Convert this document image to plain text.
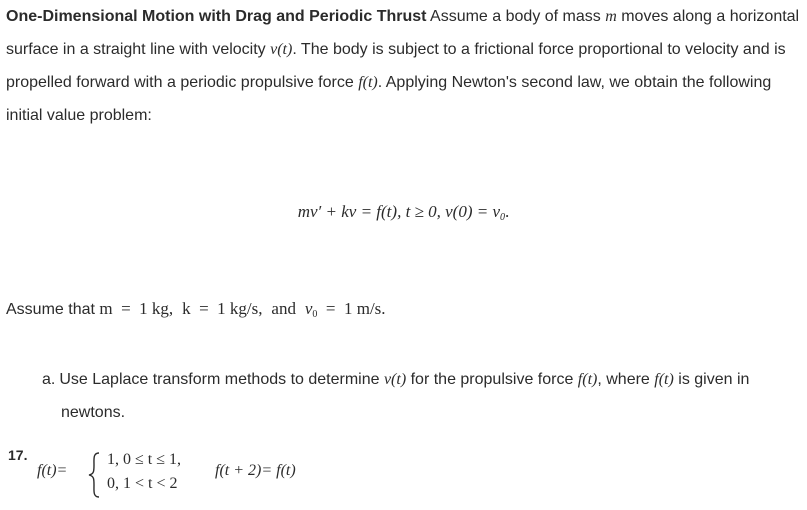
One-Dimensional Motion with Drag and Periodic Thrust Assume a body of mass m moves along a horizontal surface in a straight line with velocity v(t). The body is subject to a frictional force proportional to velocity and is propelled forward with a periodic propulsive force f(t). Applying Newton's second law, we obtain the following initial value problem:

mv′ + kv = f(t), t ≥ 0, $v(0) = v_0$.
Assume that m  =  1 kg, k  =  1 kg/s, and $v_0 = 1$ m/s.
a. Use Laplace transform methods to determine v(t) for the propulsive force f(t), where f(t) is given in
newtons.
17.
f(t)=
1, 0 ≤ t ≤ 1,
0, 1 < t < 2
f(t + 2)= f(t)
